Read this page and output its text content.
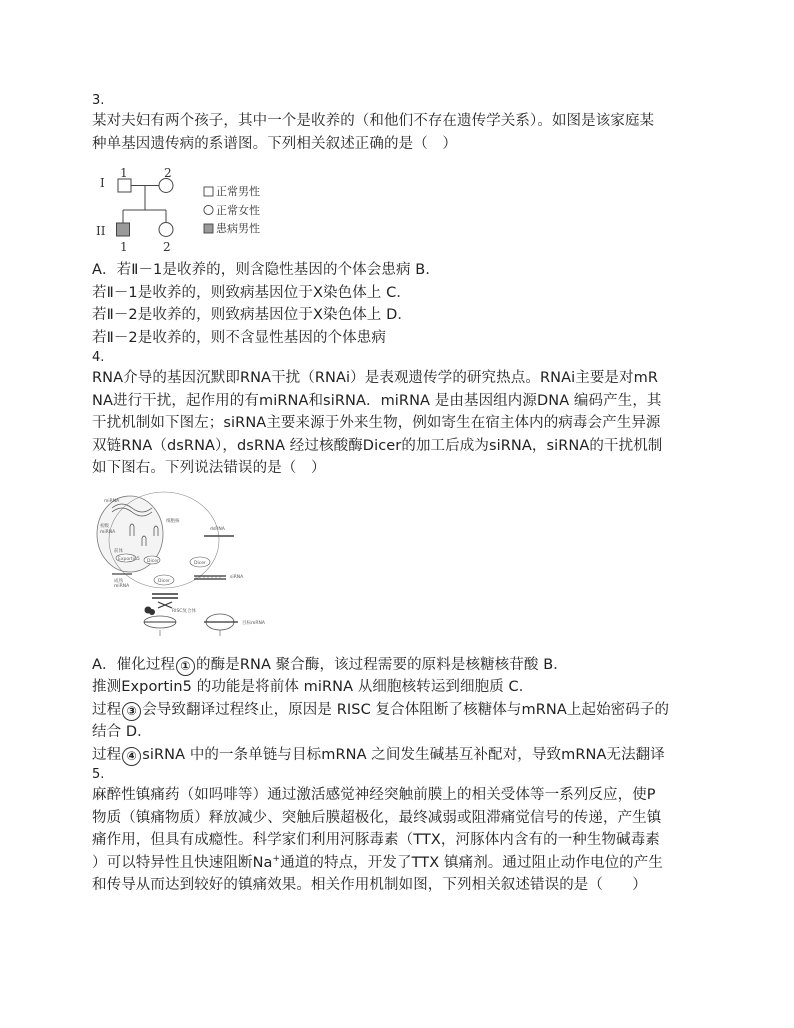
3.
某对夫妇有两个孩子，其中一个是收养的（和他们不存在遗传学关系）。如图是该家庭某
种单基因遗传病的系谱图。下列相关叙述正确的是（　）
I
II
1	2
1	2
正常男性
正常女性
患病男性
A．若Ⅱ－1是收养的，则含隐性基因的个体会患病 B．
若Ⅱ－1是收养的，则致病基因位于X染色体上 C．
若Ⅱ－2是收养的，则致病基因位于X染色体上 D．
若Ⅱ－2是收养的，则不含显性基因的个体患病
4.
RNA介导的基因沉默即RNA干扰（RNAi）是表观遗传学的研究热点。RNAi主要是对mR
NA进行干扰，起作用的有miRNA和siRNA．miRNA 是由基因组内源DNA 编码产生，其
干扰机制如下图左；siRNA主要来源于外来生物，例如寄生在宿主体内的病毒会产生异源
双链RNA（dsRNA），dsRNA 经过核酸酶Dicer的加工后成为siRNA，siRNA的干扰机制
如下图右。下列说法错误的是（　）
miRNA
初级
miRNA
细胞核
前体
Exportin5 Dicer
成熟
miRNA
Dicer
dsRNA
Dicer
siRNA
RISC复合体
目标mRNA
A．催化过程 ① 的酶是RNA 聚合酶，该过程需要的原料是核糖核苷酸 B．
推测Exportin5 的功能是将前体 miRNA 从细胞核转运到细胞质 C．
过程 ③ 会导致翻译过程终止，原因是 RISC 复合体阻断了核糖体与mRNA上起始密码子的
结合 D．
过程 ④ siRNA 中的一条单链与目标mRNA 之间发生碱基互补配对，导致mRNA无法翻译
5.
麻醉性镇痛药（如吗啡等）通过激活感觉神经突触前膜上的相关受体等一系列反应，使P
物质（镇痛物质）释放减少、突触后膜超极化，最终减弱或阻滞痛觉信号的传递，产生镇
痛作用，但具有成瘾性。科学家们利用河豚毒素（TTX，河豚体内含有的一种生物碱毒素
）可以特异性且快速阻断Na+通道的特点，开发了TTX 镇痛剂。通过阻止动作电位的产生
和传导从而达到较好的镇痛效果。相关作用机制如图，下列相关叙述错误的是（　　）
